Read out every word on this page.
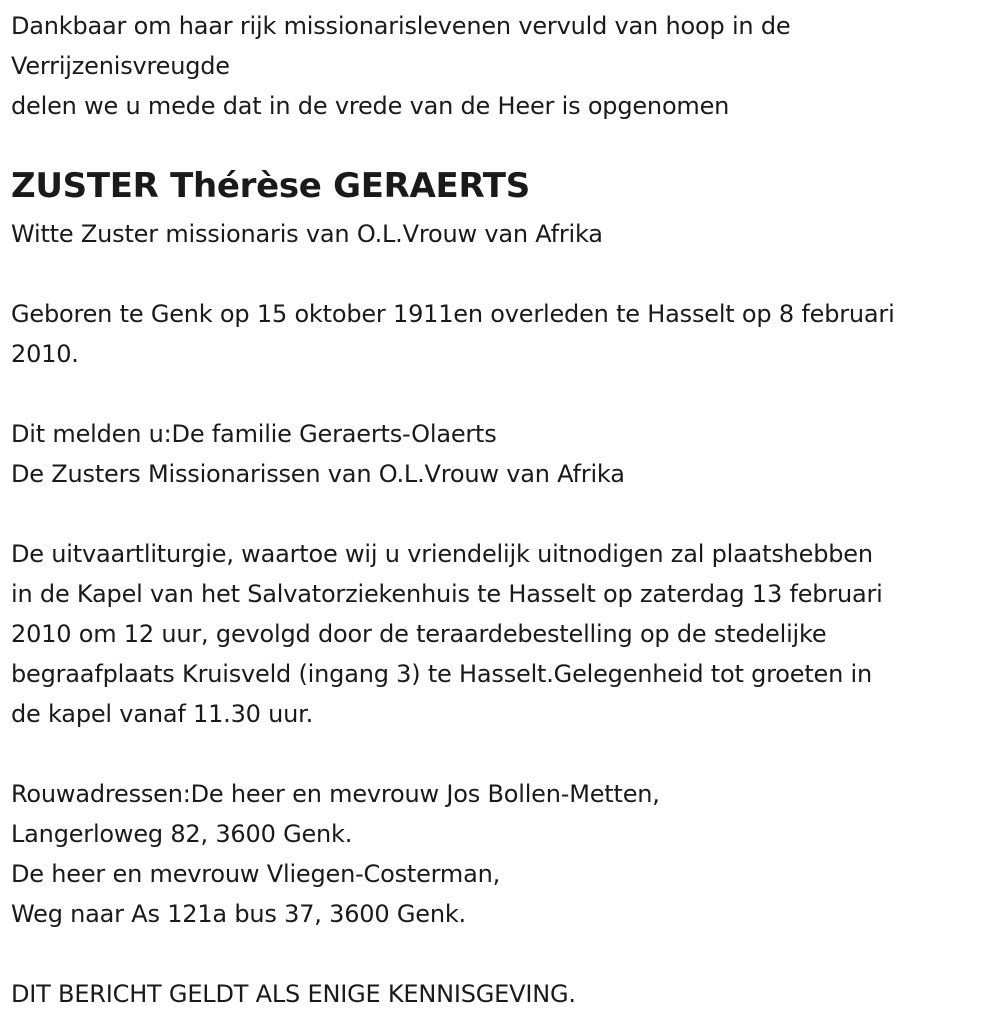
Dankbaar om haar rijk missionarislevenen vervuld van hoop in de
Verrijzenisvreugde
delen we u mede dat in de vrede van de Heer is opgenomen
ZUSTER Thérèse GERAERTS
Witte Zuster missionaris van O.L.Vrouw van Afrika
Geboren te Genk op 15 oktober 1911en overleden te Hasselt op 8 februari
2010.
Dit melden u:De familie Geraerts-Olaerts
De Zusters Missionarissen van O.L.Vrouw van Afrika
De uitvaartliturgie, waartoe wij u vriendelijk uitnodigen zal plaatshebben
in de Kapel van het Salvatorziekenhuis te Hasselt op zaterdag 13 februari
2010 om 12 uur, gevolgd door de teraardebestelling op de stedelijke
begraafplaats Kruisveld (ingang 3) te Hasselt.Gelegenheid tot groeten in
de kapel vanaf 11.30 uur.
Rouwadressen:De heer en mevrouw Jos Bollen-Metten,
Langerloweg 82, 3600 Genk.
De heer en mevrouw Vliegen-Costerman,
Weg naar As 121a bus 37, 3600 Genk.
DIT BERICHT GELDT ALS ENIGE KENNISGEVING.
